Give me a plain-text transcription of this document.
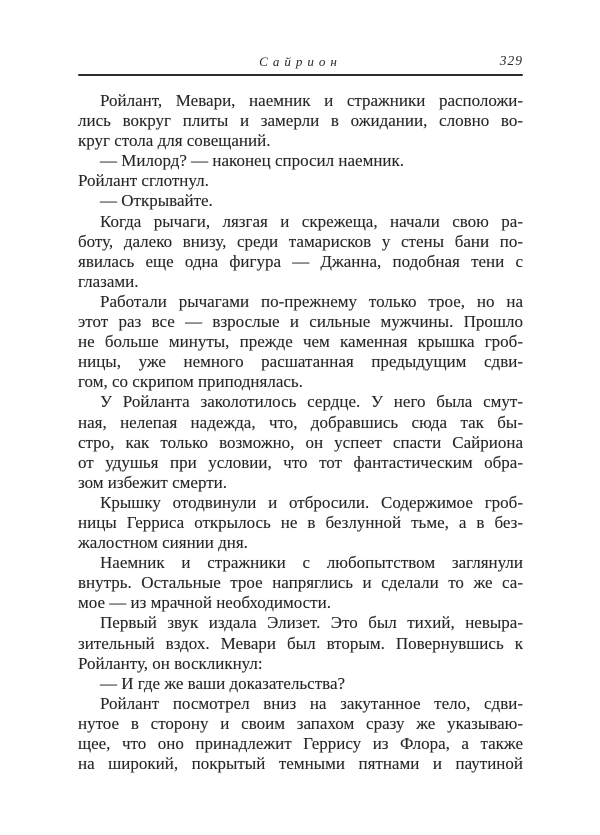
Сайрион	329
Ройлант, Мевари, наемник и стражники расположи-
лись вокруг плиты и замерли в ожидании, словно во-
круг стола для совещаний.
— Милорд? — наконец спросил наемник.
Ройлант сглотнул.
— Открывайте.
Когда рычаги, лязгая и скрежеща, начали свою ра-
боту, далеко внизу, среди тамарисков у стены бани по-
явилась еще одна фигура — Джанна, подобная тени с
глазами.
Работали рычагами по-прежнему только трое, но на
этот раз все — взрослые и сильные мужчины. Прошло
не больше минуты, прежде чем каменная крышка гроб-
ницы, уже немного расшатанная предыдущим сдви-
гом, со скрипом приподнялась.
У Ройланта заколотилось сердце. У него была смут-
ная, нелепая надежда, что, добравшись сюда так бы-
стро, как только возможно, он успеет спасти Сайриона
от удушья при условии, что тот фантастическим обра-
зом избежит смерти.
Крышку отодвинули и отбросили. Содержимое гроб-
ницы Герриса открылось не в безлунной тьме, а в без-
жалостном сиянии дня.
Наемник и стражники с любопытством заглянули
внутрь. Остальные трое напряглись и сделали то же са-
мое — из мрачной необходимости.
Первый звук издала Элизет. Это был тихий, невыра-
зительный вздох. Мевари был вторым. Повернувшись к
Ройланту, он воскликнул:
— И где же ваши доказательства?
Ройлант посмотрел вниз на закутанное тело, сдви-
нутое в сторону и своим запахом сразу же указываю-
щее, что оно принадлежит Геррису из Флора, а также
на широкий, покрытый темными пятнами и паутиной
